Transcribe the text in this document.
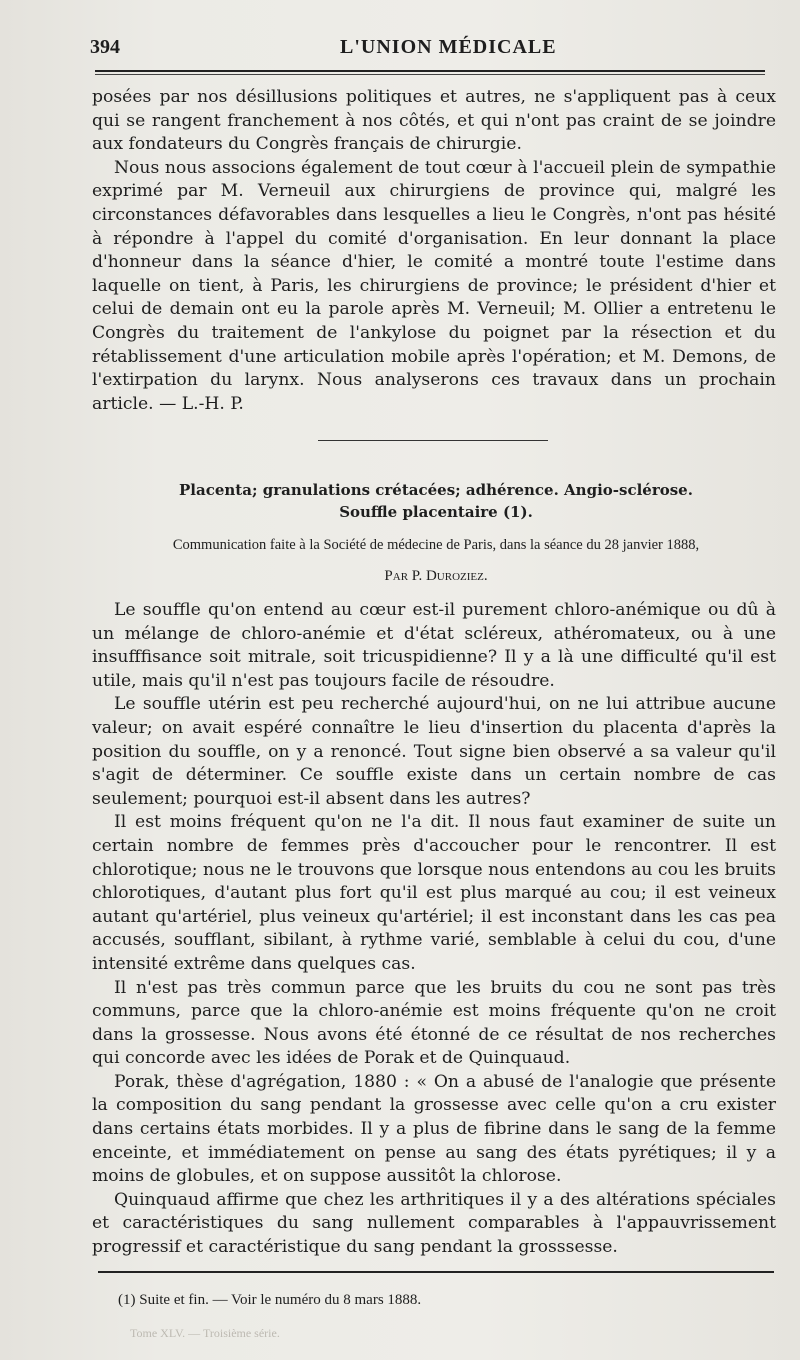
394	L'UNION MÉDICALE

posées par nos désillusions politiques et autres, ne s'appliquent pas à ceux qui se rangent franchement à nos côtés, et qui n'ont pas craint de se joindre aux fondateurs du Congrès français de chirurgie.

Nous nous associons également de tout cœur à l'accueil plein de sympathie exprimé par M. Verneuil aux chirurgiens de province qui, malgré les circonstances défavorables dans lesquelles a lieu le Congrès, n'ont pas hésité à répondre à l'appel du comité d'organisation. En leur donnant la place d'honneur dans la séance d'hier, le comité a montré toute l'estime dans laquelle on tient, à Paris, les chirurgiens de province; le président d'hier et celui de demain ont eu la parole après M. Verneuil; M. Ollier a entretenu le Congrès du traitement de l'ankylose du poignet par la résection et du rétablissement d'une articulation mobile après l'opération; et M. Demons, de l'extirpation du larynx. Nous analyserons ces travaux dans un prochain article. — L.-H. P.

Placenta; granulations crétacées; adhérence. Angio-sclérose.
Souffle placentaire (1).
Communication faite à la Société de médecine de Paris, dans la séance du 28 janvier 1888,
Par P. Duroziez.

Le souffle qu'on entend au cœur est-il purement chloro-anémique ou dû à un mélange de chloro-anémie et d'état scléreux, athéromateux, ou à une insufffisance soit mitrale, soit tricuspidienne? Il y a là une difficulté qu'il est utile, mais qu'il n'est pas toujours facile de résoudre.

Le souffle utérin est peu recherché aujourd'hui, on ne lui attribue aucune valeur; on avait espéré connaître le lieu d'insertion du placenta d'après la position du souffle, on y a renoncé. Tout signe bien observé a sa valeur qu'il s'agit de déterminer. Ce souffle existe dans un certain nombre de cas seulement; pourquoi est-il absent dans les autres?

Il est moins fréquent qu'on ne l'a dit. Il nous faut examiner de suite un certain nombre de femmes près d'accoucher pour le rencontrer. Il est chlorotique; nous ne le trouvons que lorsque nous entendons au cou les bruits chlorotiques, d'autant plus fort qu'il est plus marqué au cou; il est veineux autant qu'artériel, plus veineux qu'artériel; il est inconstant dans les cas pea accusés, soufflant, sibilant, à rythme varié, semblable à celui du cou, d'une intensité extrême dans quelques cas.

Il n'est pas très commun parce que les bruits du cou ne sont pas très communs, parce que la chloro-anémie est moins fréquente qu'on ne croit dans la grossesse. Nous avons été étonné de ce résultat de nos recherches qui concorde avec les idées de Porak et de Quinquaud.

Porak, thèse d'agrégation, 1880 : « On a abusé de l'analogie que présente la composition du sang pendant la grossesse avec celle qu'on a cru exister dans certains états morbides. Il y a plus de fibrine dans le sang de la femme enceinte, et immédiatement on pense au sang des états pyrétiques; il y a moins de globules, et on suppose aussitôt la chlorose.

Quinquaud affirme que chez les arthritiques il y a des altérations spéciales et caractéristiques du sang nullement comparables à l'appauvrissement progressif et caractéristique du sang pendant la grosssesse.

(1) Suite et fin. — Voir le numéro du 8 mars 1888.
Tome XLV. — Troisième série.
